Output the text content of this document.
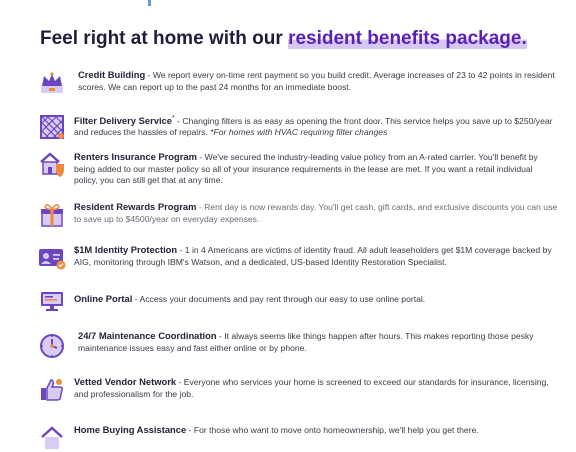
Feel right at home with our resident benefits package.

Credit Building - We report every on-time rent payment so you build credit. Average increases of 23 to 42 points in resident scores. We can report up to the past 24 months for an immediate boost.

Filter Delivery Service* - Changing filters is as easy as opening the front door. This service helps you save up to $250/year and reduces the hassles of repairs. *For homes with HVAC requiring filter changes

Renters Insurance Program - We've secured the industry-leading value policy from an A-rated carrier. You'll benefit by being added to our master policy so all of your insurance requirements in the lease are met. If you want a retail individual policy, you can still get that at any time.

Resident Rewards Program - Rent day is now rewards day. You'll get cash, gift cards, and exclusive discounts you can use to save up to $4500/year on everyday expenses.

$1M Identity Protection - 1 in 4 Americans are victims of identity fraud. All adult leaseholders get $1M coverage backed by AIG, monitoring through IBM's Watson, and a dedicated, US-based Identity Restoration Specialist.

Online Portal - Access your documents and pay rent through our easy to use online portal.

24/7 Maintenance Coordination - It always seems like things happen after hours. This makes reporting those pesky maintenance issues easy and fast either online or by phone.

Vetted Vendor Network - Everyone who services your home is screened to exceed our standards for insurance, licensing, and professionalism for the job.

Home Buying Assistance - For those who want to move onto homeownership, we'll help you get there.
